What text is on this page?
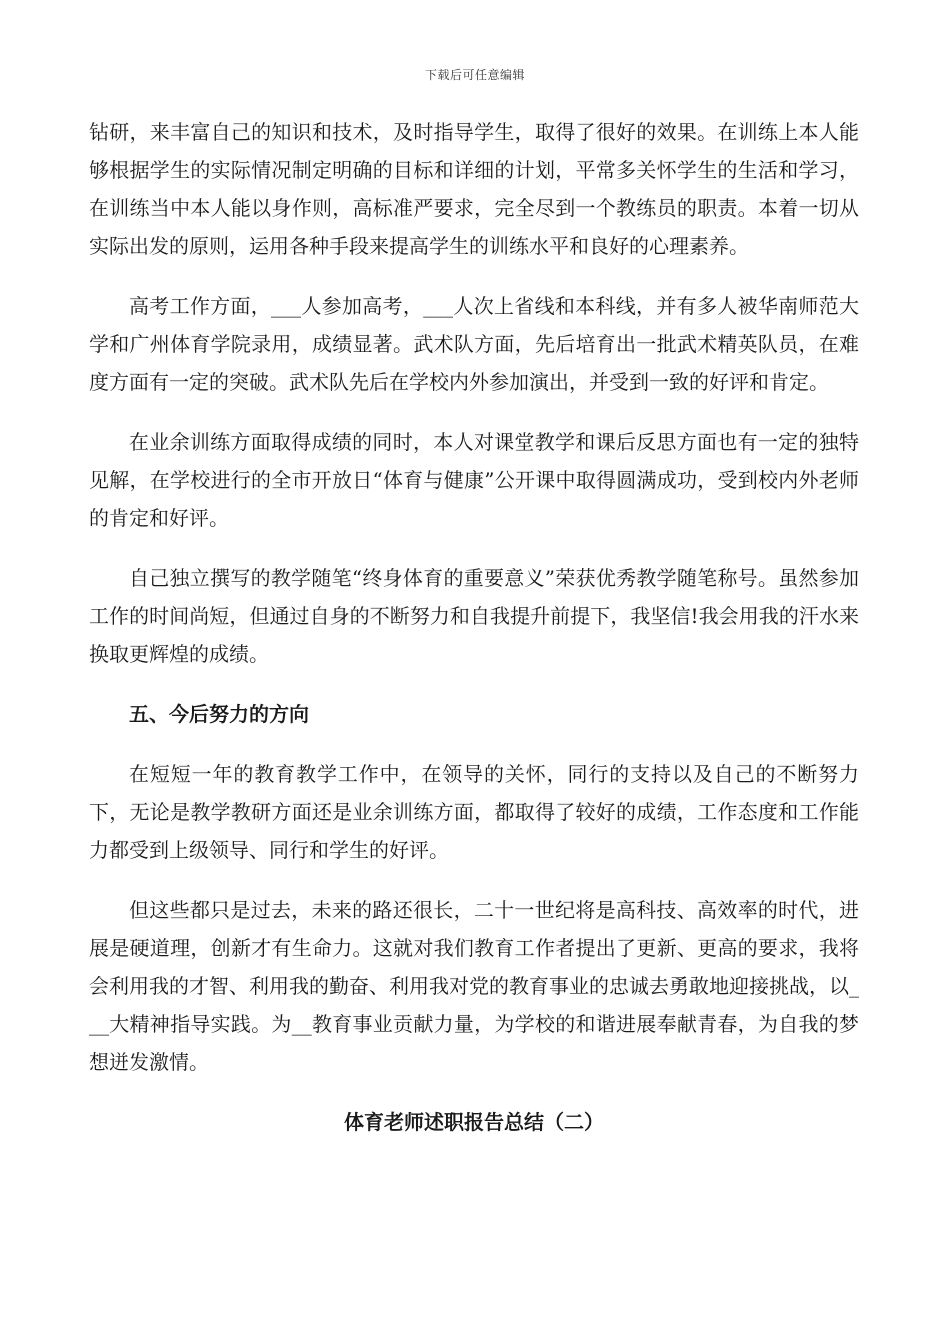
下载后可任意编辑

钻研，来丰富自己的知识和技术，及时指导学生，取得了很好的效果。在训练上本人能够根据学生的实际情况制定明确的目标和详细的计划，平常多关怀学生的生活和学习，在训练当中本人能以身作则，高标准严要求，完全尽到一个教练员的职责。本着一切从实际出发的原则，运用各种手段来提高学生的训练水平和良好的心理素养。

高考工作方面，___人参加高考，___人次上省线和本科线，并有多人被华南师范大学和广州体育学院录用，成绩显著。武术队方面，先后培育出一批武术精英队员，在难度方面有一定的突破。武术队先后在学校内外参加演出，并受到一致的好评和肯定。

在业余训练方面取得成绩的同时，本人对课堂教学和课后反思方面也有一定的独特见解，在学校进行的全市开放日“体育与健康”公开课中取得圆满成功，受到校内外老师的肯定和好评。

自己独立撰写的教学随笔“终身体育的重要意义”荣获优秀教学随笔称号。虽然参加工作的时间尚短，但通过自身的不断努力和自我提升前提下，我坚信!我会用我的汗水来换取更辉煌的成绩。

五、今后努力的方向

在短短一年的教育教学工作中，在领导的关怀，同行的支持以及自己的不断努力下，无论是教学教研方面还是业余训练方面，都取得了较好的成绩，工作态度和工作能力都受到上级领导、同行和学生的好评。

但这些都只是过去，未来的路还很长，二十一世纪将是高科技、高效率的时代，进展是硬道理，创新才有生命力。这就对我们教育工作者提出了更新、更高的要求，我将会利用我的才智、利用我的勤奋、利用我对党的教育事业的忠诚去勇敢地迎接挑战，以___大精神指导实践。为__教育事业贡献力量，为学校的和谐进展奉献青春，为自我的梦想迸发激情。

体育老师述职报告总结（二）
